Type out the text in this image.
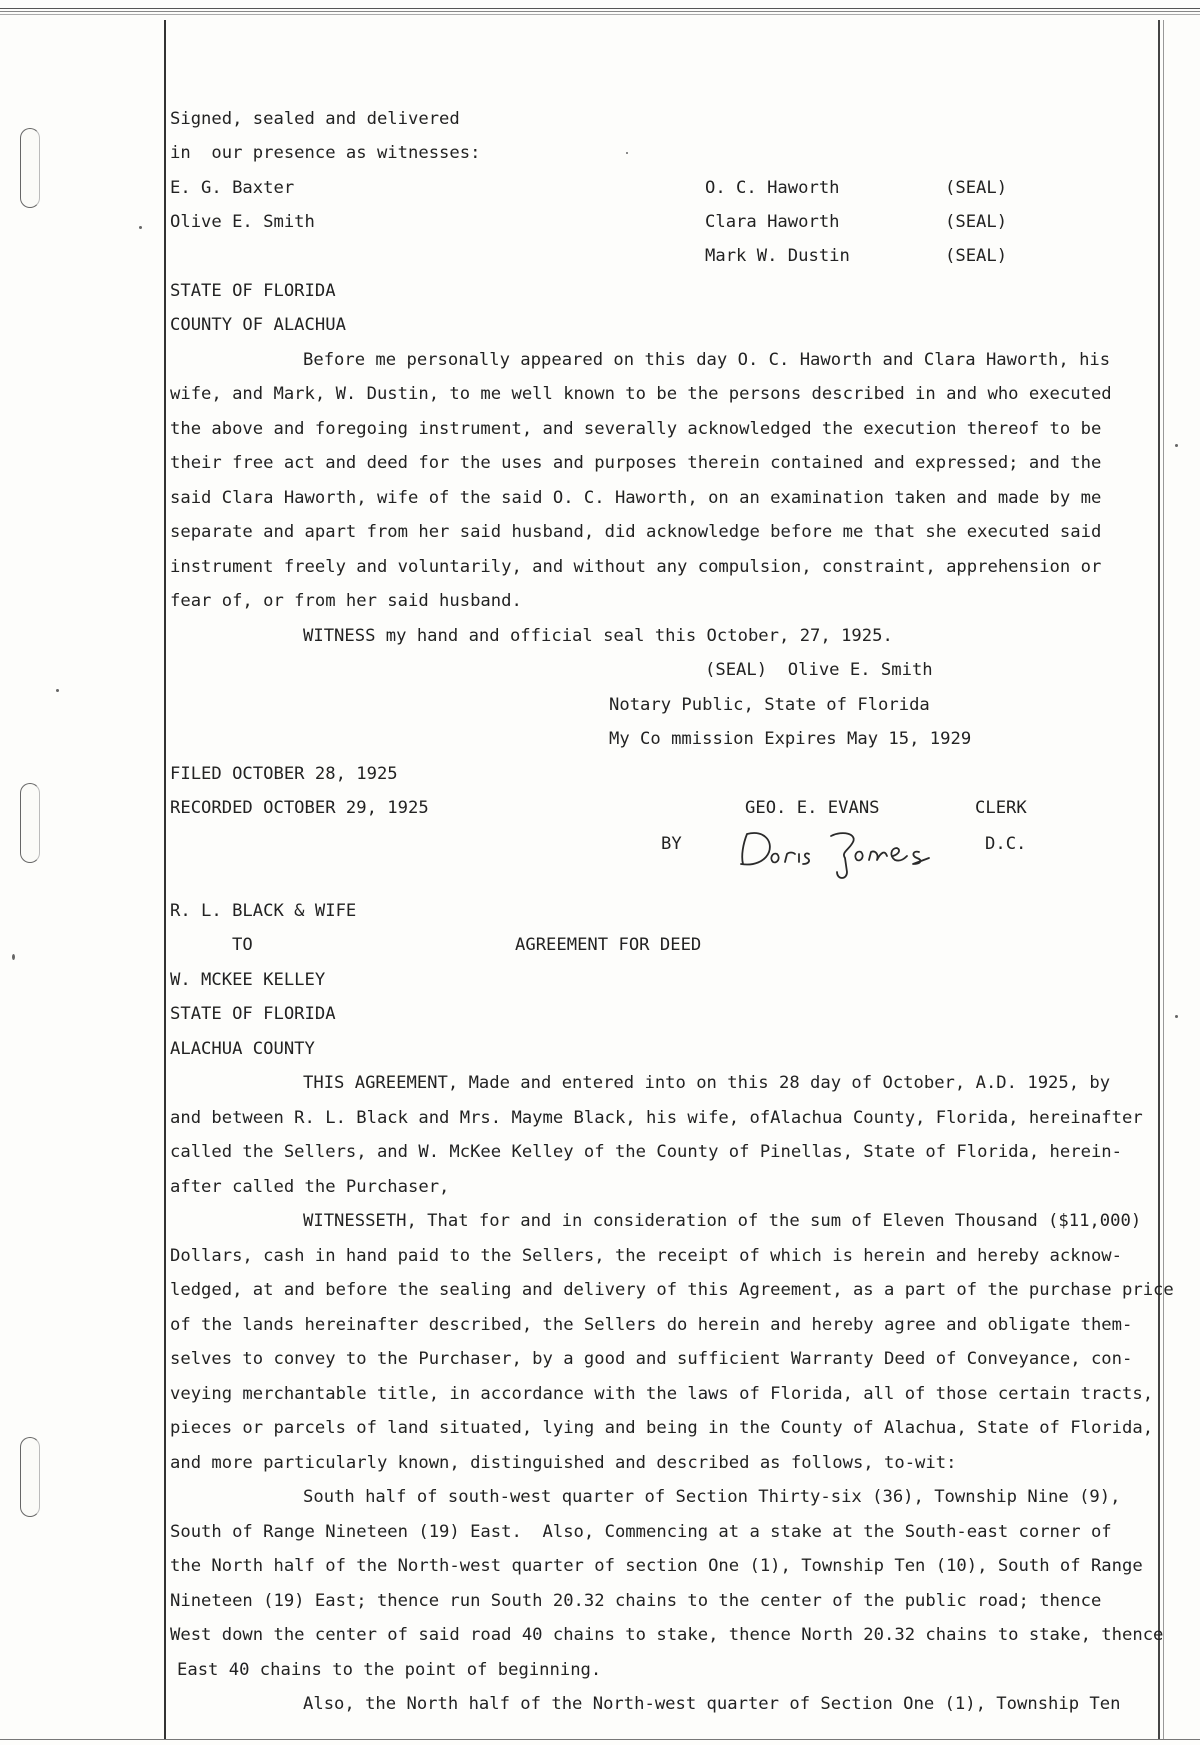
Signed, sealed and delivered
in  our presence as witnesses:
E. G. Baxter
Olive E. Smith
O. C. Haworth	(SEAL)
Clara Haworth	(SEAL)
Mark W. Dustin	(SEAL)
STATE OF FLORIDA
COUNTY OF ALACHUA
Before me personally appeared on this day O. C. Haworth and Clara Haworth, his
wife, and Mark, W. Dustin, to me well known to be the persons described in and who executed
the above and foregoing instrument, and severally acknowledged the execution thereof to be
their free act and deed for the uses and purposes therein contained and expressed; and the
said Clara Haworth, wife of the said O. C. Haworth, on an examination taken and made by me
separate and apart from her said husband, did acknowledge before me that she executed said
instrument freely and voluntarily, and without any compulsion, constraint, apprehension or
fear of, or from her said husband.
WITNESS my hand and official seal this October, 27, 1925.
(SEAL)  Olive E. Smith
Notary Public, State of Florida
My Co mmission Expires May 15, 1929
FILED OCTOBER 28, 1925
RECORDED OCTOBER 29, 1925	GEO. E. EVANS	CLERK
BY	D.C.
R. L. BLACK & WIFE
TO	AGREEMENT FOR DEED
W. MCKEE KELLEY
STATE OF FLORIDA
ALACHUA COUNTY
THIS AGREEMENT, Made and entered into on this 28 day of October, A.D. 1925, by
and between R. L. Black and Mrs. Mayme Black, his wife, ofAlachua County, Florida, hereinafter
called the Sellers, and W. McKee Kelley of the County of Pinellas, State of Florida, herein-
after called the Purchaser,
WITNESSETH, That for and in consideration of the sum of Eleven Thousand ($11,000)
Dollars, cash in hand paid to the Sellers, the receipt of which is herein and hereby acknow-
ledged, at and before the sealing and delivery of this Agreement, as a part of the purchase price
of the lands hereinafter described, the Sellers do herein and hereby agree and obligate them-
selves to convey to the Purchaser, by a good and sufficient Warranty Deed of Conveyance, con-
veying merchantable title, in accordance with the laws of Florida, all of those certain tracts,
pieces or parcels of land situated, lying and being in the County of Alachua, State of Florida,
and more particularly known, distinguished and described as follows, to-wit:
South half of south-west quarter of Section Thirty-six (36), Township Nine (9),
South of Range Nineteen (19) East.  Also, Commencing at a stake at the South-east corner of
the North half of the North-west quarter of section One (1), Township Ten (10), South of Range
Nineteen (19) East; thence run South 20.32 chains to the center of the public road; thence
West down the center of said road 40 chains to stake, thence North 20.32 chains to stake, thence
East 40 chains to the point of beginning.
Also, the North half of the North-west quarter of Section One (1), Township Ten
